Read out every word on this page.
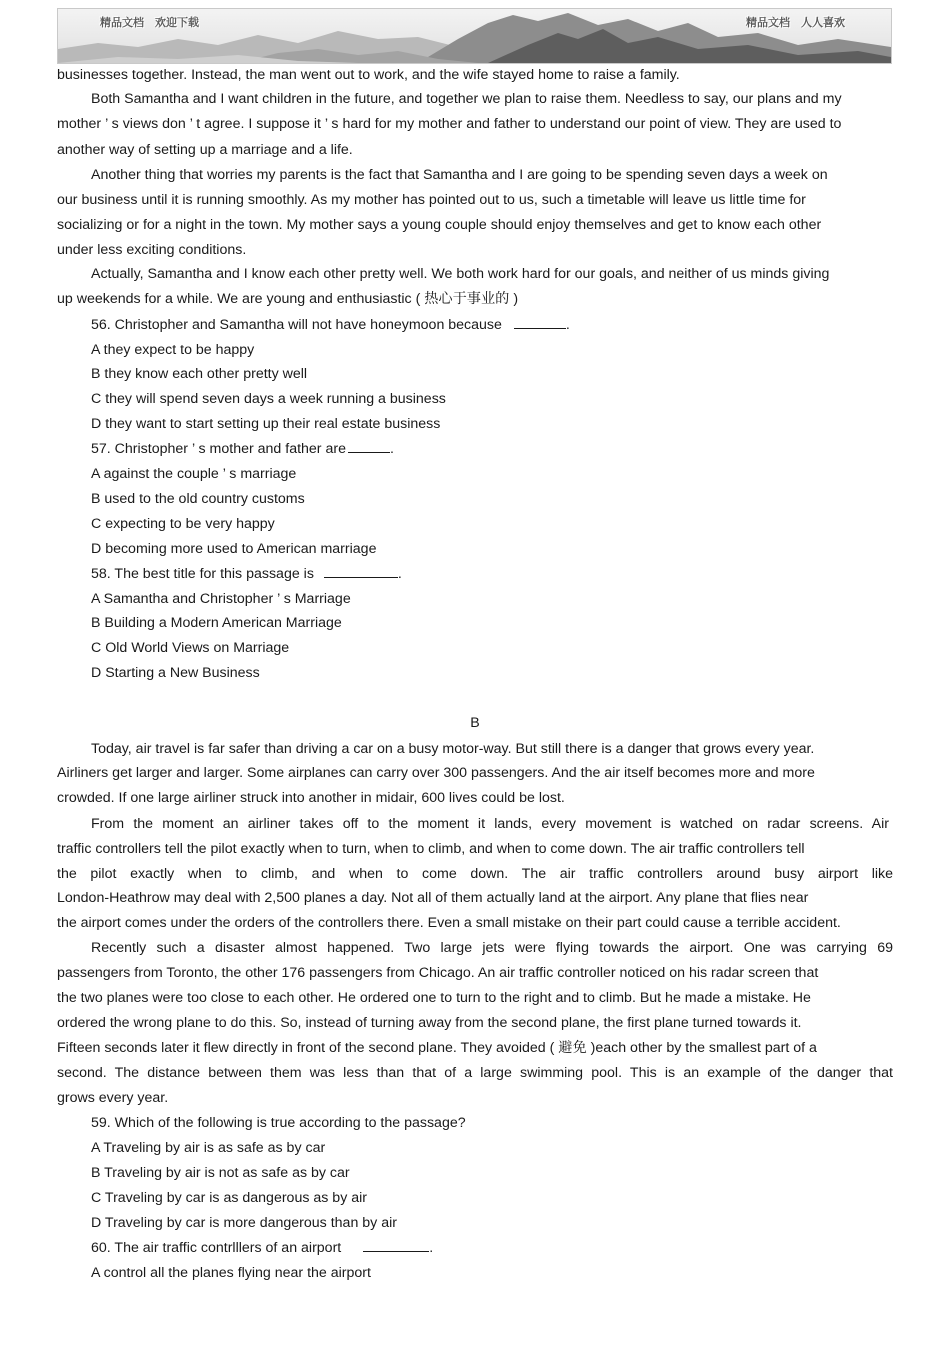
精品文档　欢迎下载	精品文档　人人喜欢
businesses together. Instead, the man went out to work, and the wife stayed home to raise a family.
Both Samantha and I want children in the future, and together we plan to raise them. Needless to say, our plans and my
mother ’ s views don ’ t agree. I suppose it ’ s hard for my mother and father to understand our point of view. They are used to
another way of setting up a marriage and a life.
Another thing that worries my parents is the fact that Samantha and I are going to be spending seven days a week on
our business until it is running smoothly. As my mother has pointed out to us, such a timetable will leave us little time for
socializing or for a night in the town. My mother says a young couple should enjoy themselves and get to know each other
under less exciting conditions.
Actually, Samantha and I know each other pretty well. We both work hard for our goals, and neither of us minds giving
up weekends for a while. We are young and enthusiastic ( 热心于事业的 )
56. Christopher and Samantha will not have honeymoon because	.
A they expect to be happy
B they know each other pretty well
C they will spend seven days a week running a business
D they want to start setting up their real estate business
57. Christopher ’ s mother and father are	.
A against the couple ’ s marriage
B used to the old country customs
C expecting to be very happy
D becoming more used to American marriage
58. The best title for this passage is	.
A Samantha and Christopher ’ s Marriage
B Building a Modern American Marriage
C Old World Views on Marriage
D Starting a New Business
B
Today, air travel is far safer than driving a car on a busy motor-way. But still there is a danger that grows every year.
Airliners get larger and larger. Some airplanes can carry over 300 passengers. And the air itself becomes more and more
crowded. If one large airliner struck into another in midair, 600 lives could be lost.
From the moment an airliner takes off to the moment it lands, every movement is watched on radar screens. Air
traffic controllers tell the pilot exactly when to turn, when to climb, and when to come down. The air traffic controllers tell
the pilot exactly when to climb, and when to come down. The air traffic controllers around busy airport like
London-Heathrow may deal with 2,500 planes a day. Not all of them actually land at the airport. Any plane that flies near
the airport comes under the orders of the controllers there. Even a small mistake on their part could cause a terrible accident.
Recently such a disaster almost happened. Two large jets were flying towards the airport. One was carrying 69
passengers from Toronto, the other 176 passengers from Chicago. An air traffic controller noticed on his radar screen that
the two planes were too close to each other. He ordered one to turn to the right and to climb. But he made a mistake. He
ordered the wrong plane to do this. So, instead of turning away from the second plane, the first plane turned towards it.
Fifteen seconds later it flew directly in front of the second plane. They avoided ( 避免 )each other by the smallest part of a
second. The distance between them was less than that of a large swimming pool. This is an example of the danger that
grows every year.
59. Which of the following is true according to the passage?
A Traveling by air is as safe as by car
B Traveling by air is not as safe as by car
C Traveling by car is as dangerous as by air
D Traveling by car is more dangerous than by air
60. The air traffic contrlllers of an airport	.
A control all the planes flying near the airport
